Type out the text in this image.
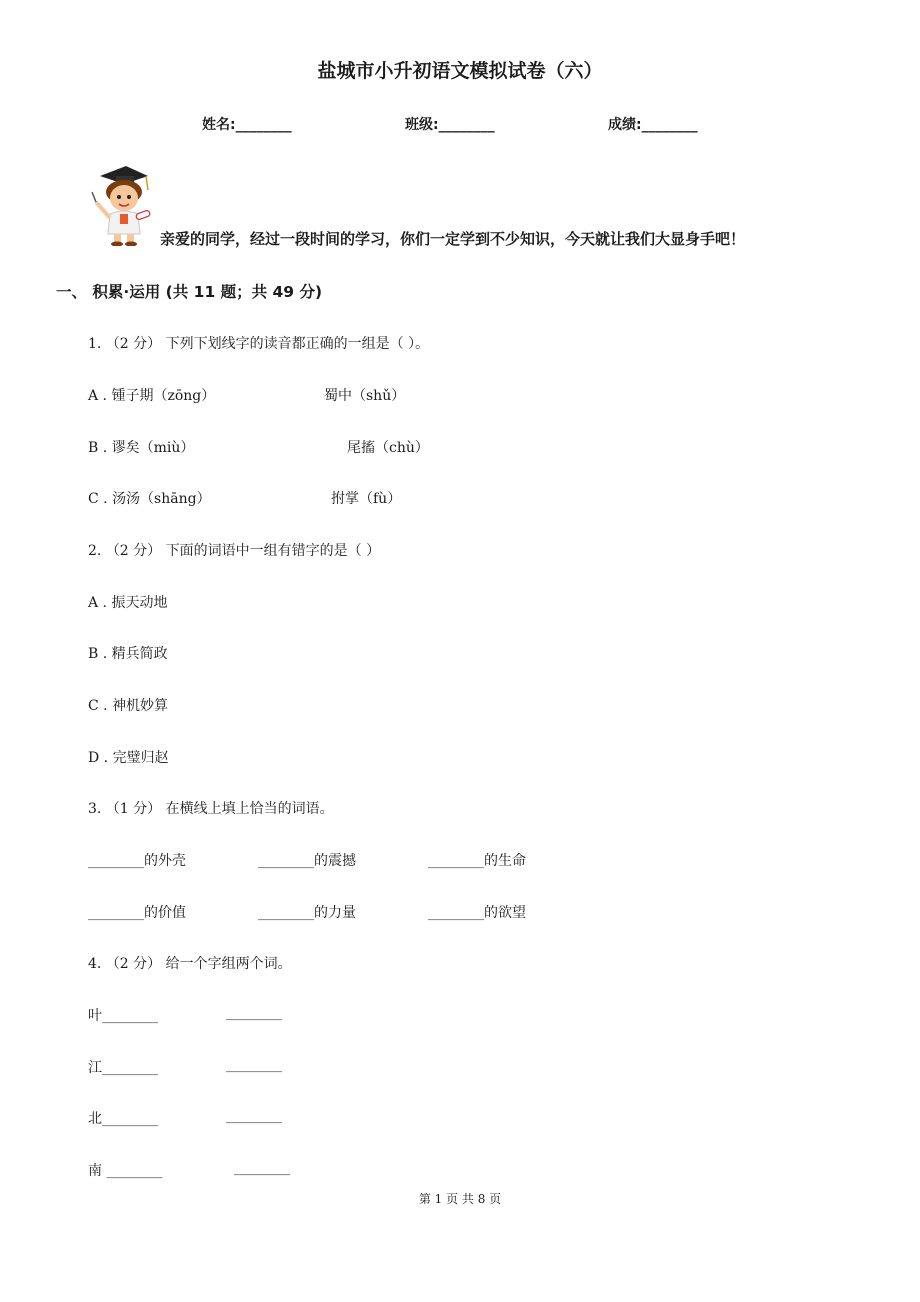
盐城市小升初语文模拟试卷（六）
姓名:________	班级:________	成绩:________
亲爱的同学，经过一段时间的学习，你们一定学到不少知识，今天就让我们大显身手吧！
一、 积累·运用 (共 11 题；共 49 分)
1. （2 分） 下列下划线字的读音都正确的一组是（ ）。
A . 锺子期（zōng）	蜀中（shǔ）
B . 谬矣（miù）	尾搐（chù）
C . 汤汤（shāng）	拊掌（fù）
2. （2 分） 下面的词语中一组有错字的是（ ）
A . 振天动地
B . 精兵简政
C . 神机妙算
D . 完璧归赵
3. （1 分） 在横线上填上恰当的词语。
________的外壳	________的震撼	________的生命
________的价值	________的力量	________的欲望
4. （2 分） 给一个字组两个词。
叶________	________
江________	________
北________	________
南 ________	________
第 1 页 共 8 页
